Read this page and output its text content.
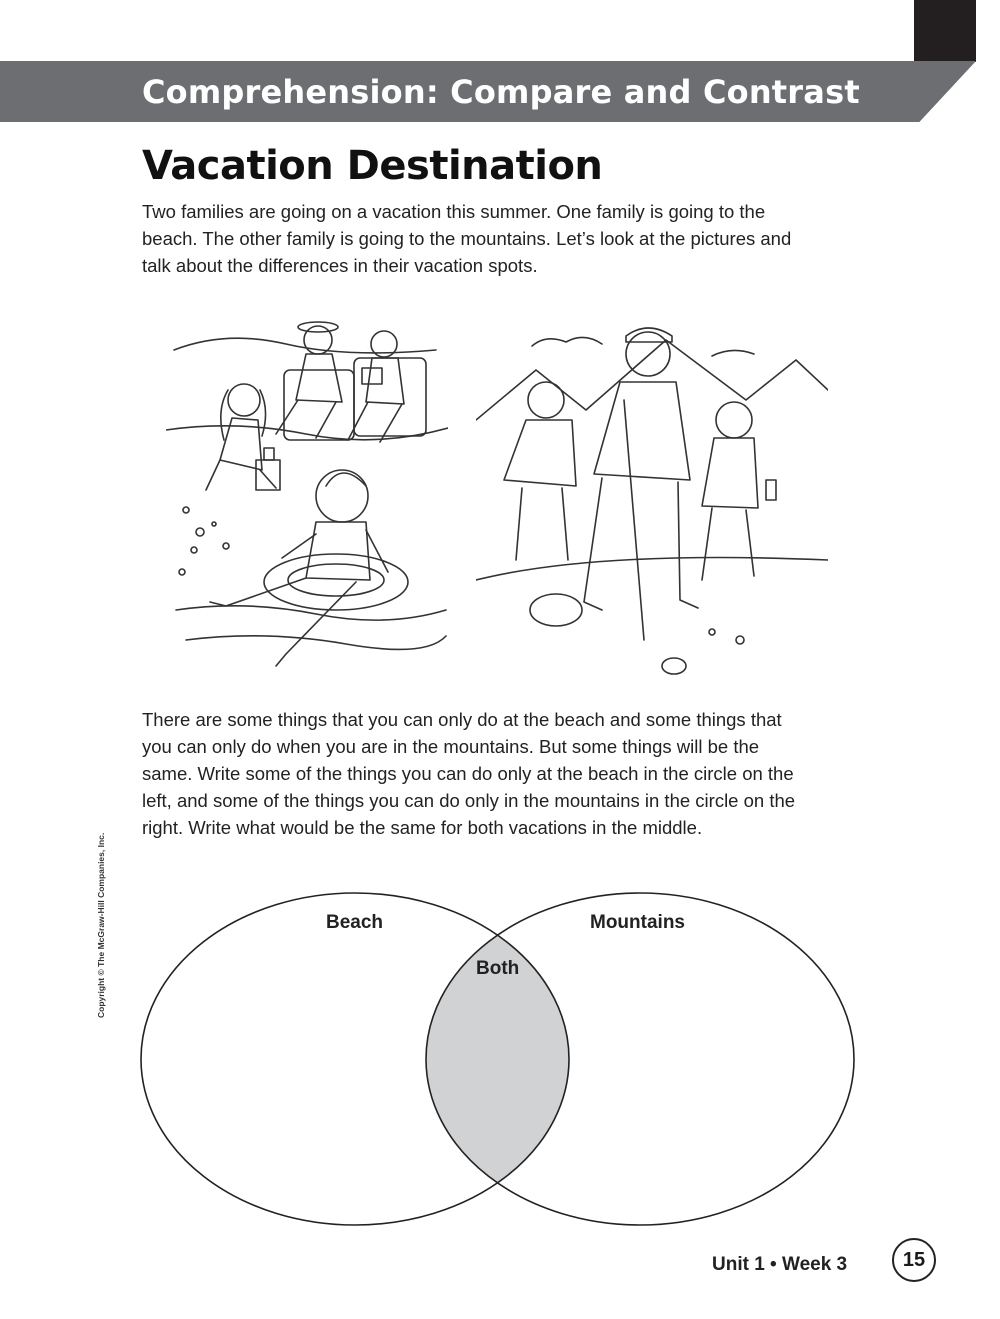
Comprehension: Compare and Contrast
Vacation Destination

Two families are going on a vacation this summer. One family is going to the beach. The other family is going to the mountains. Let’s look at the pictures and talk about the differences in their vacation spots.

There are some things that you can only do at the beach and some things that you can only do when you are in the mountains. But some things will be the same. Write some of the things you can do only at the beach in the circle on the left, and some of the things you can do only in the mountains in the circle on the right. Write what would be the same for both vacations in the middle.

Copyright © The McGraw-Hill Companies, Inc.	Beach	Mountains
Both
Unit 1 • Week 3	15
